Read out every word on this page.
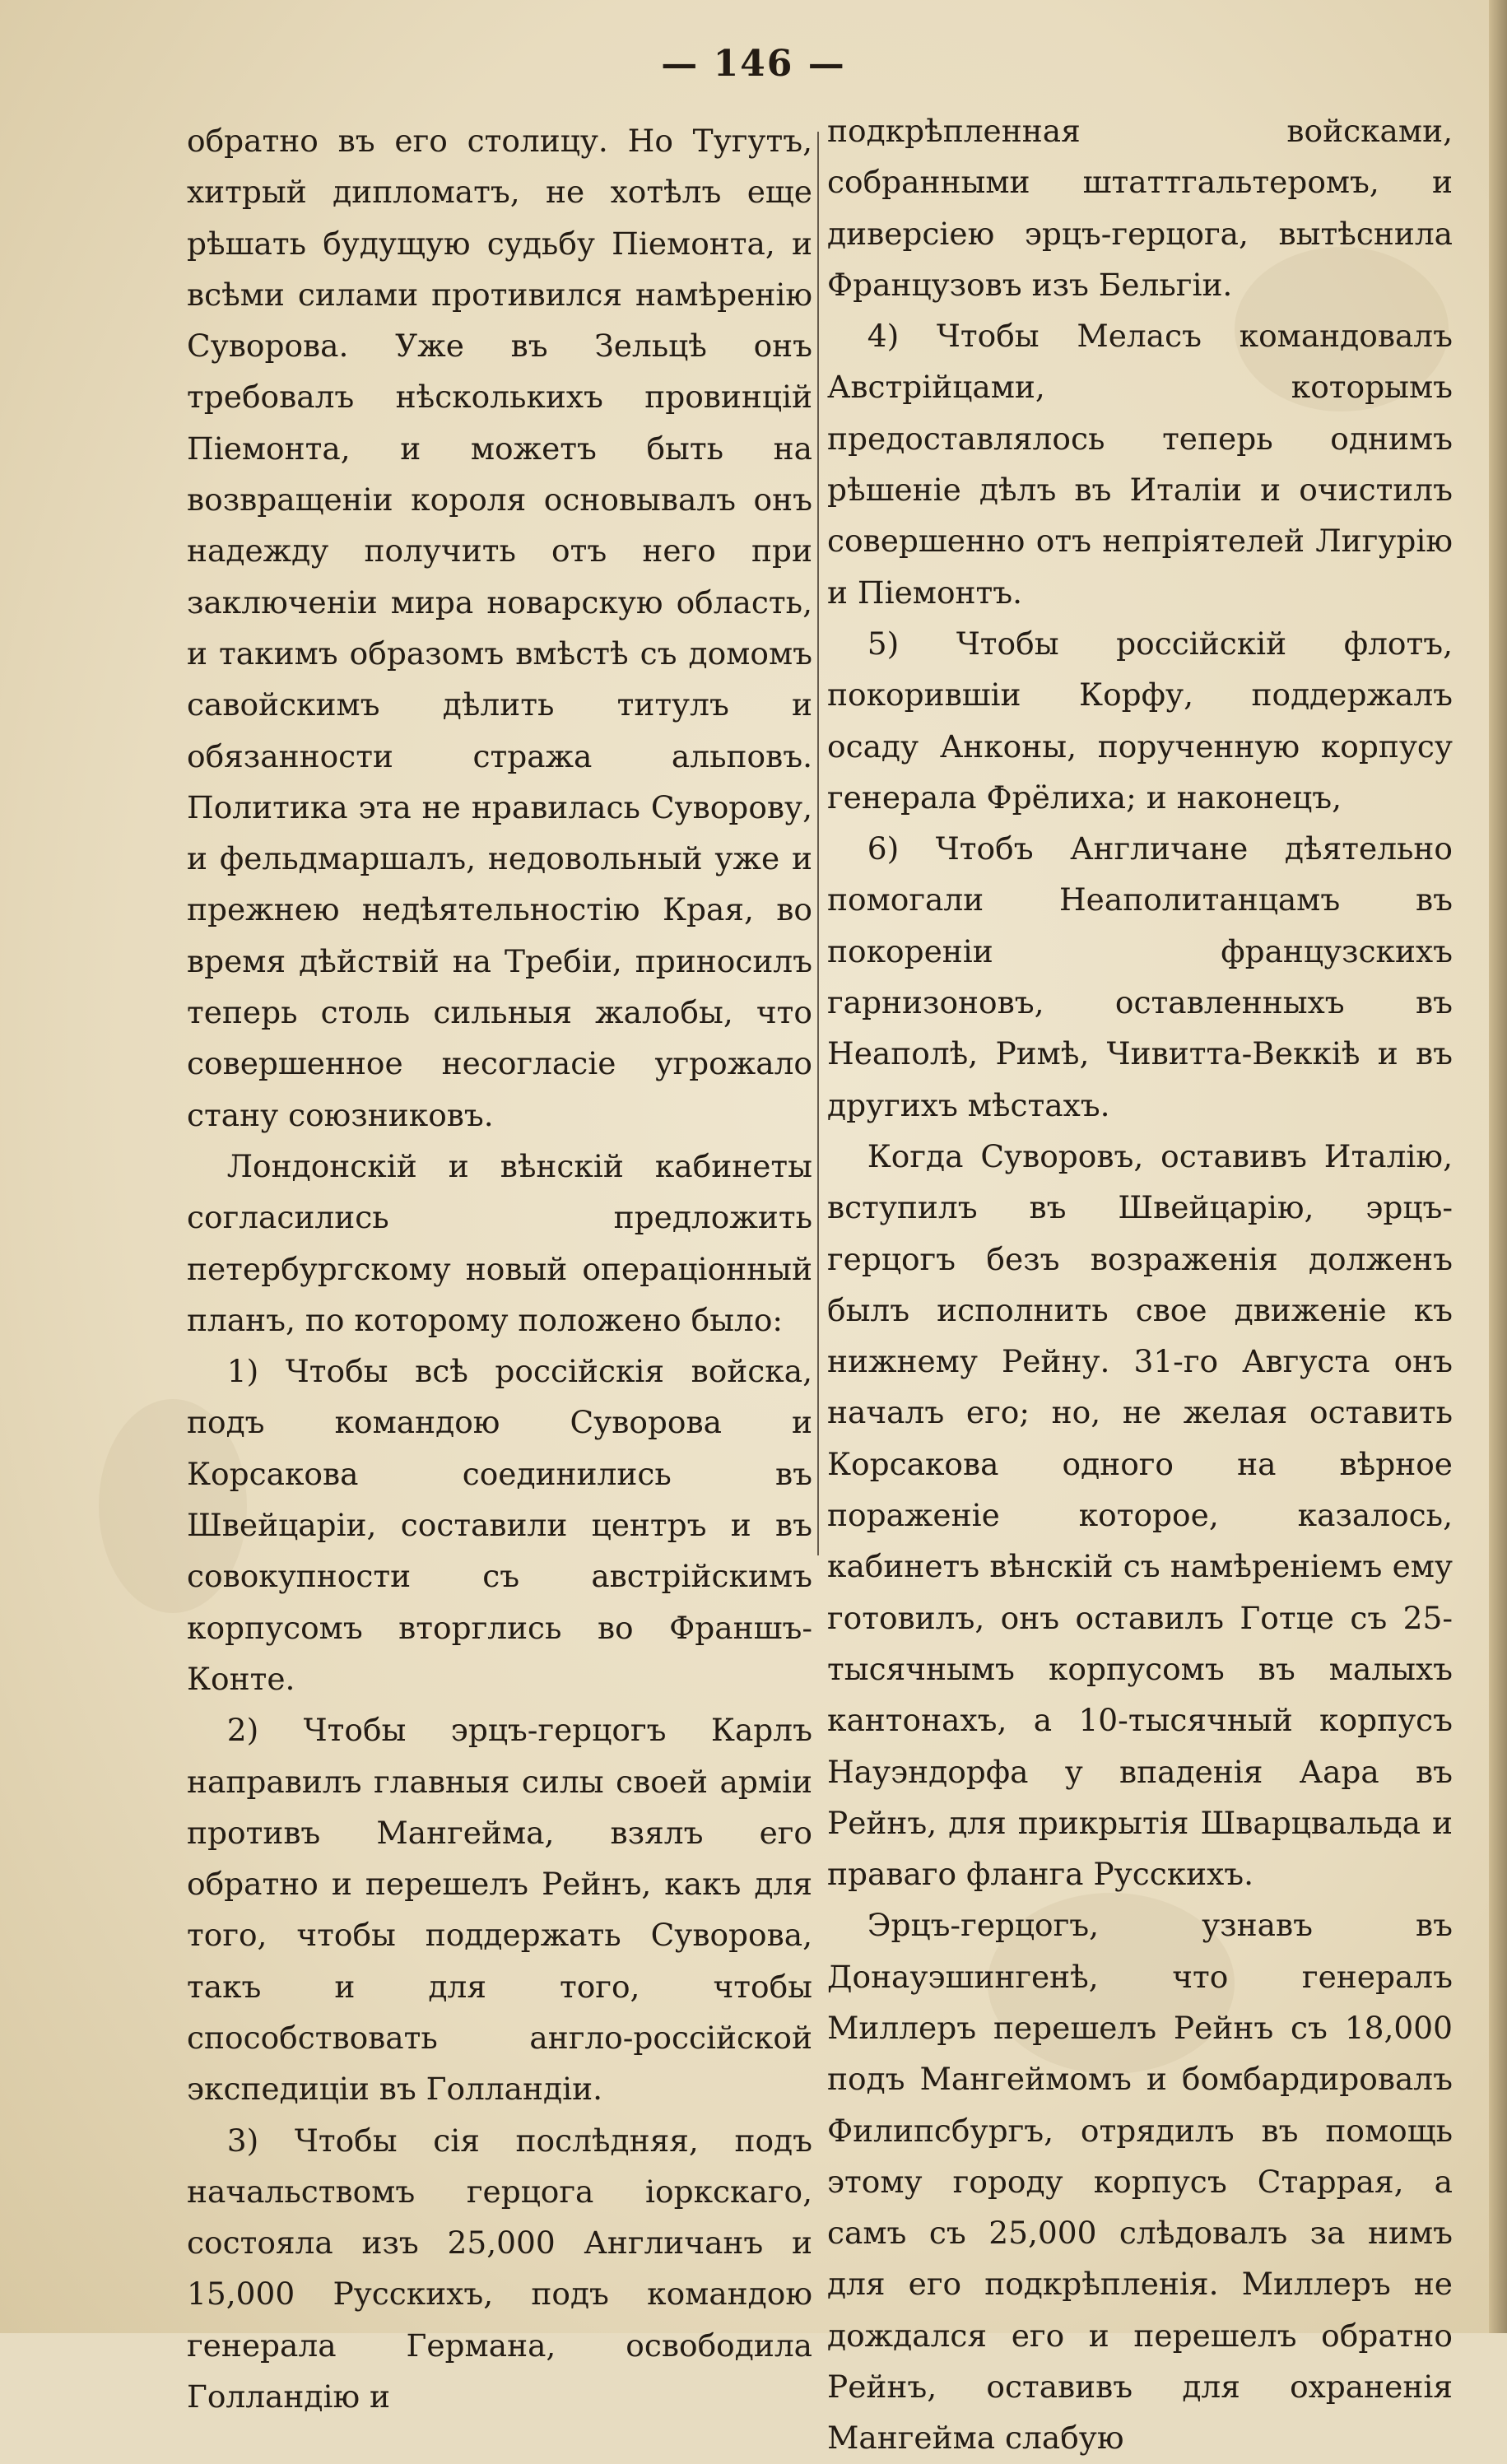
— 146 —

обратно въ его столицу. Но Тугутъ, хитрый дипломатъ, не хотѣлъ еще рѣшать будущую судьбу Піемонта, и всѣми силами противился намѣренію Суворова. Уже въ Зельцѣ онъ требовалъ нѣсколькихъ провинцій Піемонта, и можетъ быть на возвращеніи короля основывалъ онъ надежду получить отъ него при заключеніи мира новарскую область, и такимъ образомъ вмѣстѣ съ домомъ савойскимъ дѣлить титулъ и обязанности стража альповъ. Политика эта не нравилась Суворову, и фельдмаршалъ, недовольный уже и прежнею недѣятельностію Края, во время дѣйствій на Требіи, приносилъ теперь столь сильныя жалобы, что совершенное несогласіе угрожало стану союзниковъ.

Лондонскій и вѣнскій кабинеты согласились предложить петербургскому новый операціонный планъ, по которому положено было:

1) Чтобы всѣ россійскія войска, подъ командою Суворова и Корсакова соединились въ Швейцаріи, составили центръ и въ совокупности съ австрійскимъ корпусомъ вторглись во Франшъ-Конте.

2) Чтобы эрцъ-герцогъ Карлъ направилъ главныя силы своей арміи противъ Мангейма, взялъ его обратно и перешелъ Рейнъ, какъ для того, чтобы поддержать Суворова, такъ и для того, чтобы способствовать англо-россійской экспедиціи въ Голландіи.

3) Чтобы сія послѣдняя, подъ начальствомъ герцога іоркскаго, состояла изъ 25,000 Англичанъ и 15,000 Русскихъ, подъ командою генерала Германа, освободила Голландію и

подкрѣпленная войсками, собранными штаттгальтеромъ, и диверсіею эрцъ-герцога, вытѣснила Французовъ изъ Бельгіи.

4) Чтобы Меласъ командовалъ Австрійцами, которымъ предоставлялось теперь однимъ рѣшеніе дѣлъ въ Италіи и очистилъ совершенно отъ непріятелей Лигурію и Піемонтъ.

5) Чтобы россійскій флотъ, покорившіи Корфу, поддержалъ осаду Анконы, порученную корпусу генерала Фрёлиха; и наконецъ,

6) Чтобъ Англичане дѣятельно помогали Неаполитанцамъ въ покореніи французскихъ гарнизоновъ, оставленныхъ въ Неаполѣ, Римѣ, Чивитта-Веккіѣ и въ другихъ мѣстахъ.

Когда Суворовъ, оставивъ Италію, вступилъ въ Швейцарію, эрцъ-герцогъ безъ возраженія долженъ былъ исполнить свое движеніе къ нижнему Рейну. 31-го Августа онъ началъ его; но, не желая оставить Корсакова одного на вѣрное пораженіе которое, казалось, кабинетъ вѣнскій съ намѣреніемъ ему готовилъ, онъ оставилъ Готце съ 25-тысячнымъ корпусомъ въ малыхъ кантонахъ, а 10-тысячный корпусъ Науэндорфа у впаденія Аара въ Рейнъ, для прикрытія Шварцвальда и праваго фланга Русскихъ.

Эрцъ-герцогъ, узнавъ въ Донауэшингенѣ, что генералъ Миллеръ перешелъ Рейнъ съ 18,000 подъ Мангеймомъ и бомбардировалъ Филипсбургъ, отрядилъ въ помощь этому городу корпусъ Старрая, а самъ съ 25,000 слѣдовалъ за нимъ для его подкрѣпленія. Миллеръ не дождался его и перешелъ обратно Рейнъ, оставивъ для охраненія Мангейма слабую
